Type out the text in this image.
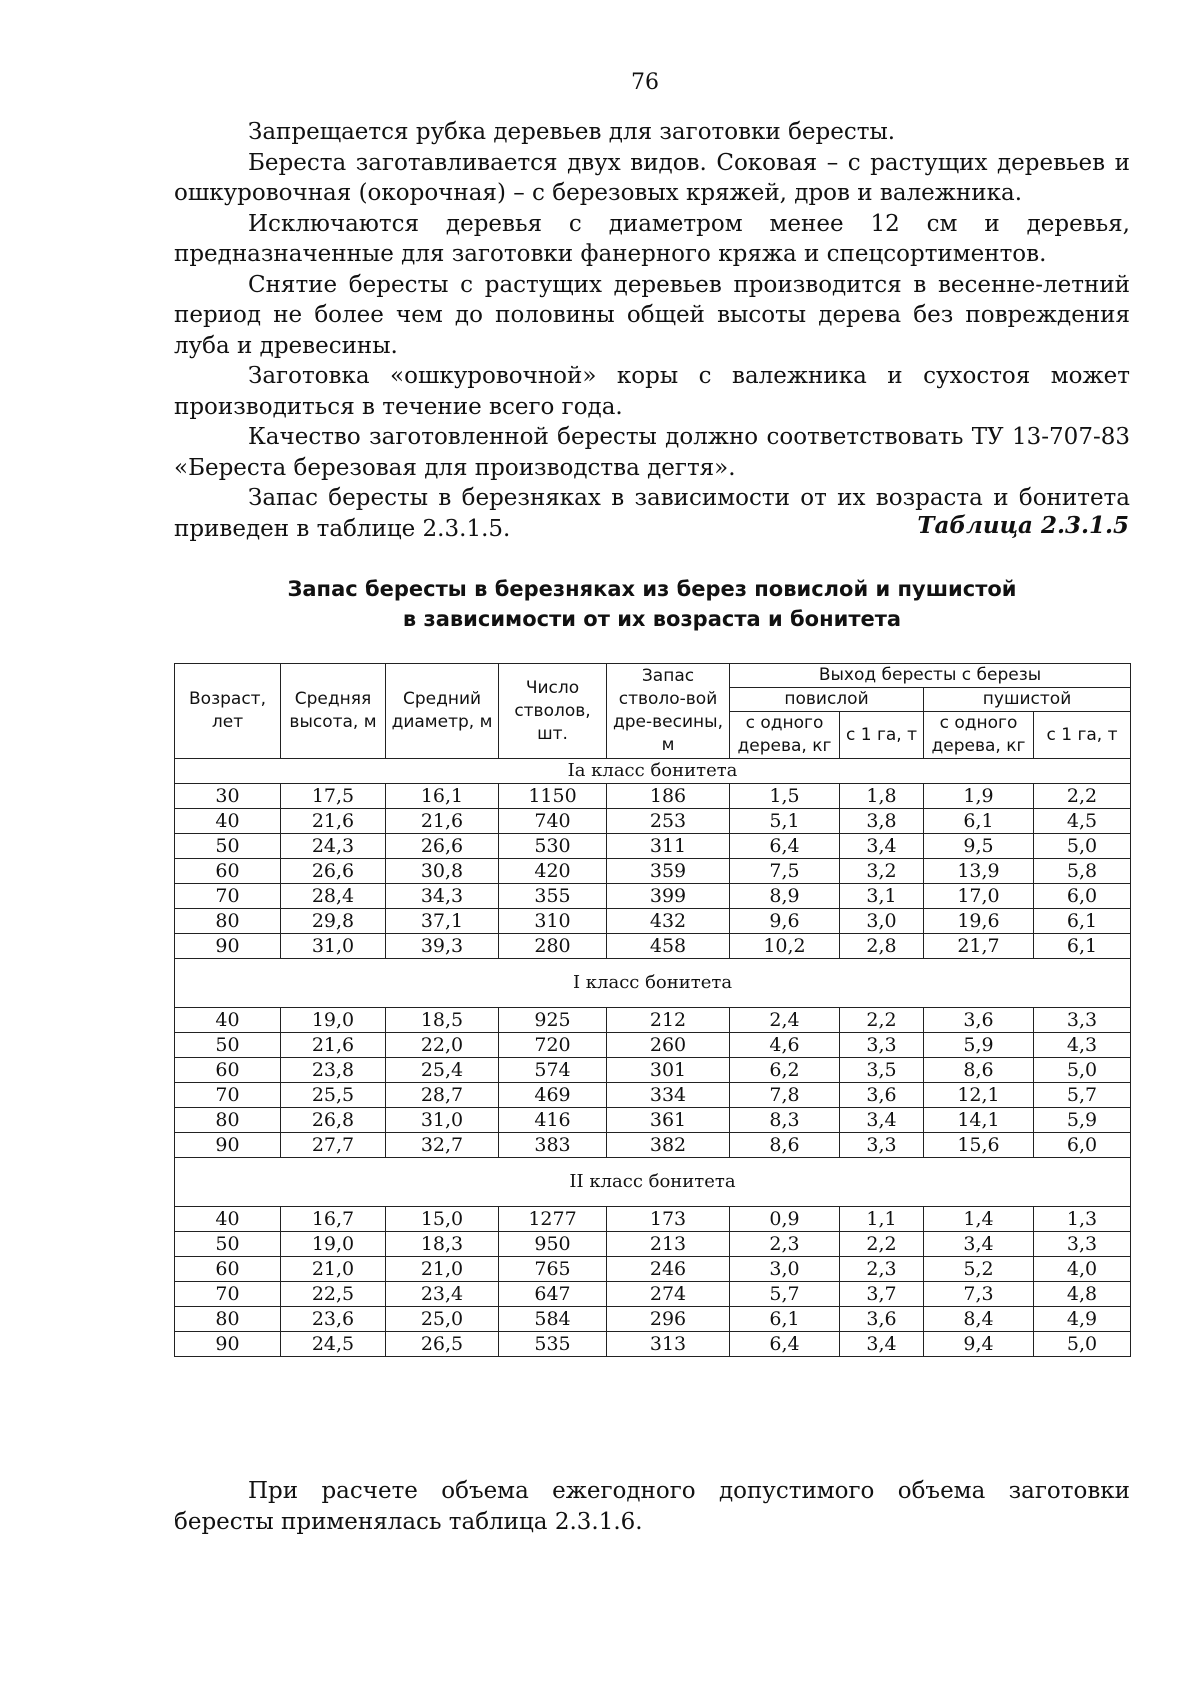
76

Запрещается рубка деревьев для заготовки бересты.

Береста заготавливается двух видов. Соковая – с растущих деревьев и ошкуровочная (окорочная) – с березовых кряжей, дров и валежника.

Исключаются деревья с диаметром менее 12 см и деревья, предназначенные для заготовки фанерного кряжа и спецсортиментов.

Снятие бересты с растущих деревьев производится в весенне-летний период не более чем до половины общей высоты дерева без повреждения луба и древесины.

Заготовка «ошкуровочной» коры с валежника и сухостоя может производиться в течение всего года.

Качество заготовленной бересты должно соответствовать ТУ 13-707-83 «Береста березовая для производства дегтя».

Запас бересты в березняках в зависимости от их возраста и бонитета приведен в таблице 2.3.1.5.	Таблица 2.3.1.5
Запас бересты в березняках из берез повислой и пушистой
в зависимости от их возраста и бонитета
Возраст, лет	Средняя высота, м	Средний диаметр, м	Число стволов, шт.	Запас стволо-вой дре-весины, м	Выход бересты с березы			
					повислой		пушистой	
					с одного дерева, кг	с 1 га, т	с одного дерева, кг	с 1 га, т
Iа класс бонитета								
30	17,5	16,1	1150	186	1,5	1,8	1,9	2,2
40	21,6	21,6	740	253	5,1	3,8	6,1	4,5
50	24,3	26,6	530	311	6,4	3,4	9,5	5,0
60	26,6	30,8	420	359	7,5	3,2	13,9	5,8
70	28,4	34,3	355	399	8,9	3,1	17,0	6,0
80	29,8	37,1	310	432	9,6	3,0	19,6	6,1
90	31,0	39,3	280	458	10,2	2,8	21,7	6,1
I класс бонитета								
40	19,0	18,5	925	212	2,4	2,2	3,6	3,3
50	21,6	22,0	720	260	4,6	3,3	5,9	4,3
60	23,8	25,4	574	301	6,2	3,5	8,6	5,0
70	25,5	28,7	469	334	7,8	3,6	12,1	5,7
80	26,8	31,0	416	361	8,3	3,4	14,1	5,9
90	27,7	32,7	383	382	8,6	3,3	15,6	6,0
II класс бонитета								
40	16,7	15,0	1277	173	0,9	1,1	1,4	1,3
50	19,0	18,3	950	213	2,3	2,2	3,4	3,3
60	21,0	21,0	765	246	3,0	2,3	5,2	4,0
70	22,5	23,4	647	274	5,7	3,7	7,3	4,8
80	23,6	25,0	584	296	6,1	3,6	8,4	4,9
90	24,5	26,5	535	313	6,4	3,4	9,4	5,0

При расчете объема ежегодного допустимого объема заготовки бересты применялась таблица 2.3.1.6.
